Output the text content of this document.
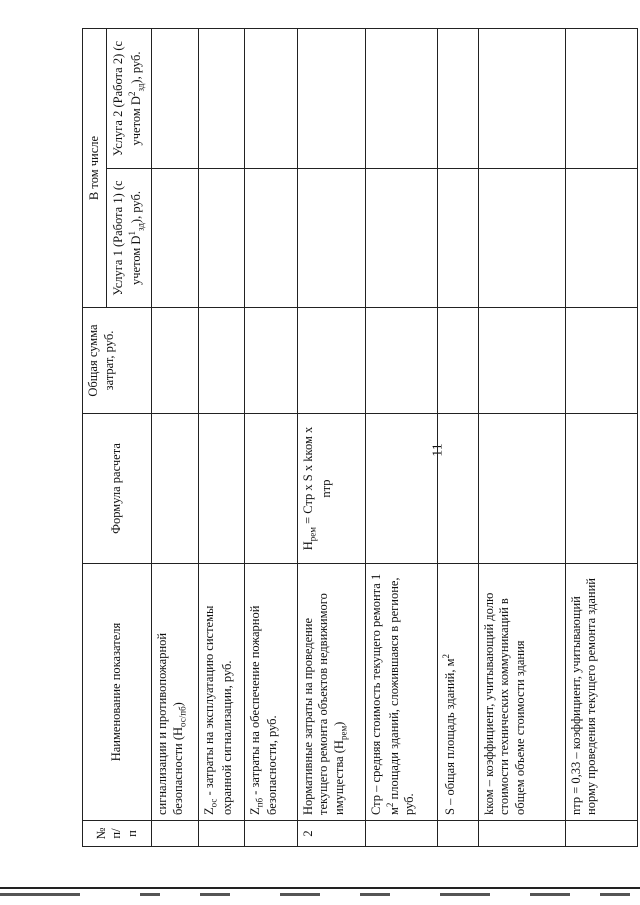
11
№ п/п	Наименование показателя	Формула расчета	Общая сумма затрат, руб.	В том числе	
				Услуга 1 (Работа 1) (с учетом $D^1_{зд}$), руб.	Услуга 2 (Работа 2) (с учетом $D^2_{зд}$), руб.
	сигнализации и противопожарной безопасности $(Н_{ос/пб})$				
	$Z_{ос}$ - затраты на эксплуатацию системы охранной сигнализации, руб.				
	$Z_{пб}$ - затраты на обеспечение пожарной безопасности, руб.				
2	Нормативные затраты на проведение текущего ремонта объектов недвижимого имущества $(Н_{рем})$	$Н_{рем}$ = Стр х S х kком х nтр			
	Стр – средняя стоимость текущего ремонта 1 $м^2$ площади зданий, сложившаяся в регионе, руб.				
	S – общая площадь зданий, $м^2$				
	kком – коэффициент, учитывающий долю стоимости технических коммуникаций в общем объеме стоимости здания				
	nтр = 0,33 – коэффициент, учитывающий норму проведения текущего ремонта зданий				
